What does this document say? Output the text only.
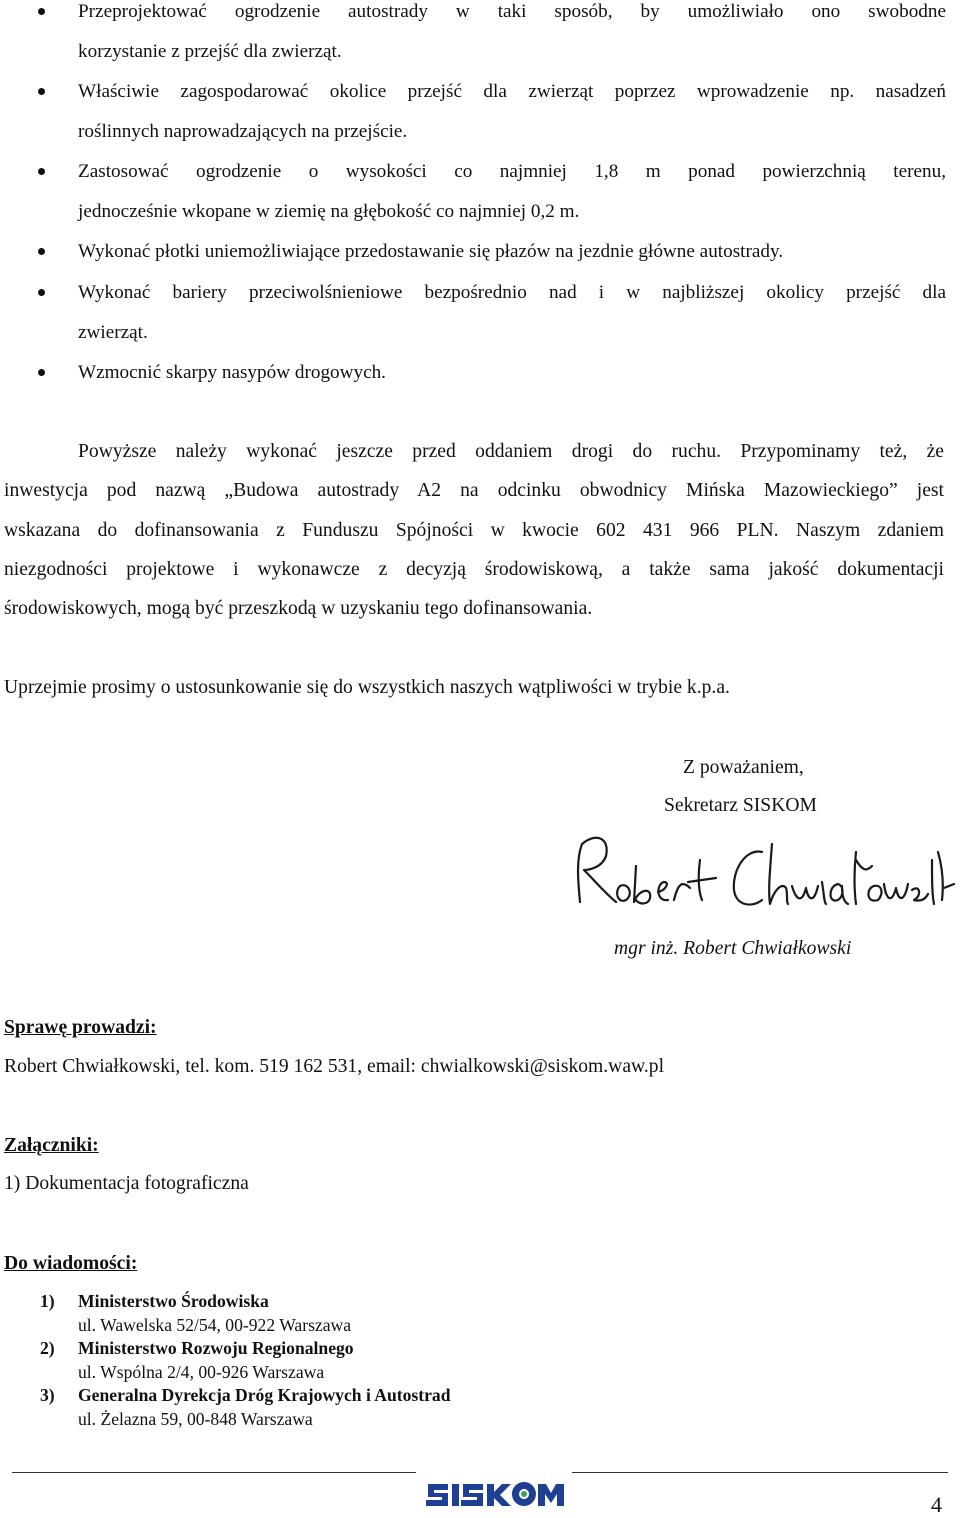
Przeprojektować ogrodzenie autostrady w taki sposób, by umożliwiało ono swobodne
korzystanie z przejść dla zwierząt.
Właściwie zagospodarować okolice przejść dla zwierząt poprzez wprowadzenie np. nasadzeń
roślinnych naprowadzających na przejście.
Zastosować ogrodzenie o wysokości co najmniej 1,8 m ponad powierzchnią terenu,
jednocześnie wkopane w ziemię na głębokość co najmniej 0,2 m.
Wykonać płotki uniemożliwiające przedostawanie się płazów na jezdnie główne autostrady.
Wykonać bariery przeciwolśnieniowe bezpośrednio nad i w najbliższej okolicy przejść dla
zwierząt.
Wzmocnić skarpy nasypów drogowych.
Powyższe należy wykonać jeszcze przed oddaniem drogi do ruchu. Przypominamy też, że
inwestycja pod nazwą „Budowa autostrady A2 na odcinku obwodnicy Mińska Mazowieckiego” jest
wskazana do dofinansowania z Funduszu Spójności w kwocie 602 431 966 PLN. Naszym zdaniem
niezgodności projektowe i wykonawcze z decyzją środowiskową, a także sama jakość dokumentacji
środowiskowych, mogą być przeszkodą w uzyskaniu tego dofinansowania.
Uprzejmie prosimy o ustosunkowanie się do wszystkich naszych wątpliwości w trybie k.p.a.
Z poważaniem,
Sekretarz SISKOM
mgr inż. Robert Chwiałkowski
Sprawę prowadzi:
Robert Chwiałkowski, tel. kom. 519 162 531, email: chwialkowski@siskom.waw.pl
Załączniki:
1) Dokumentacja fotograficzna
Do wiadomości:
1) Ministerstwo Środowiska
ul. Wawelska 52/54, 00-922 Warszawa
2) Ministerstwo Rozwoju Regionalnego
ul. Wspólna 2/4, 00-926 Warszawa
3) Generalna Dyrekcja Dróg Krajowych i Autostrad
ul. Żelazna 59, 00-848 Warszawa
4
